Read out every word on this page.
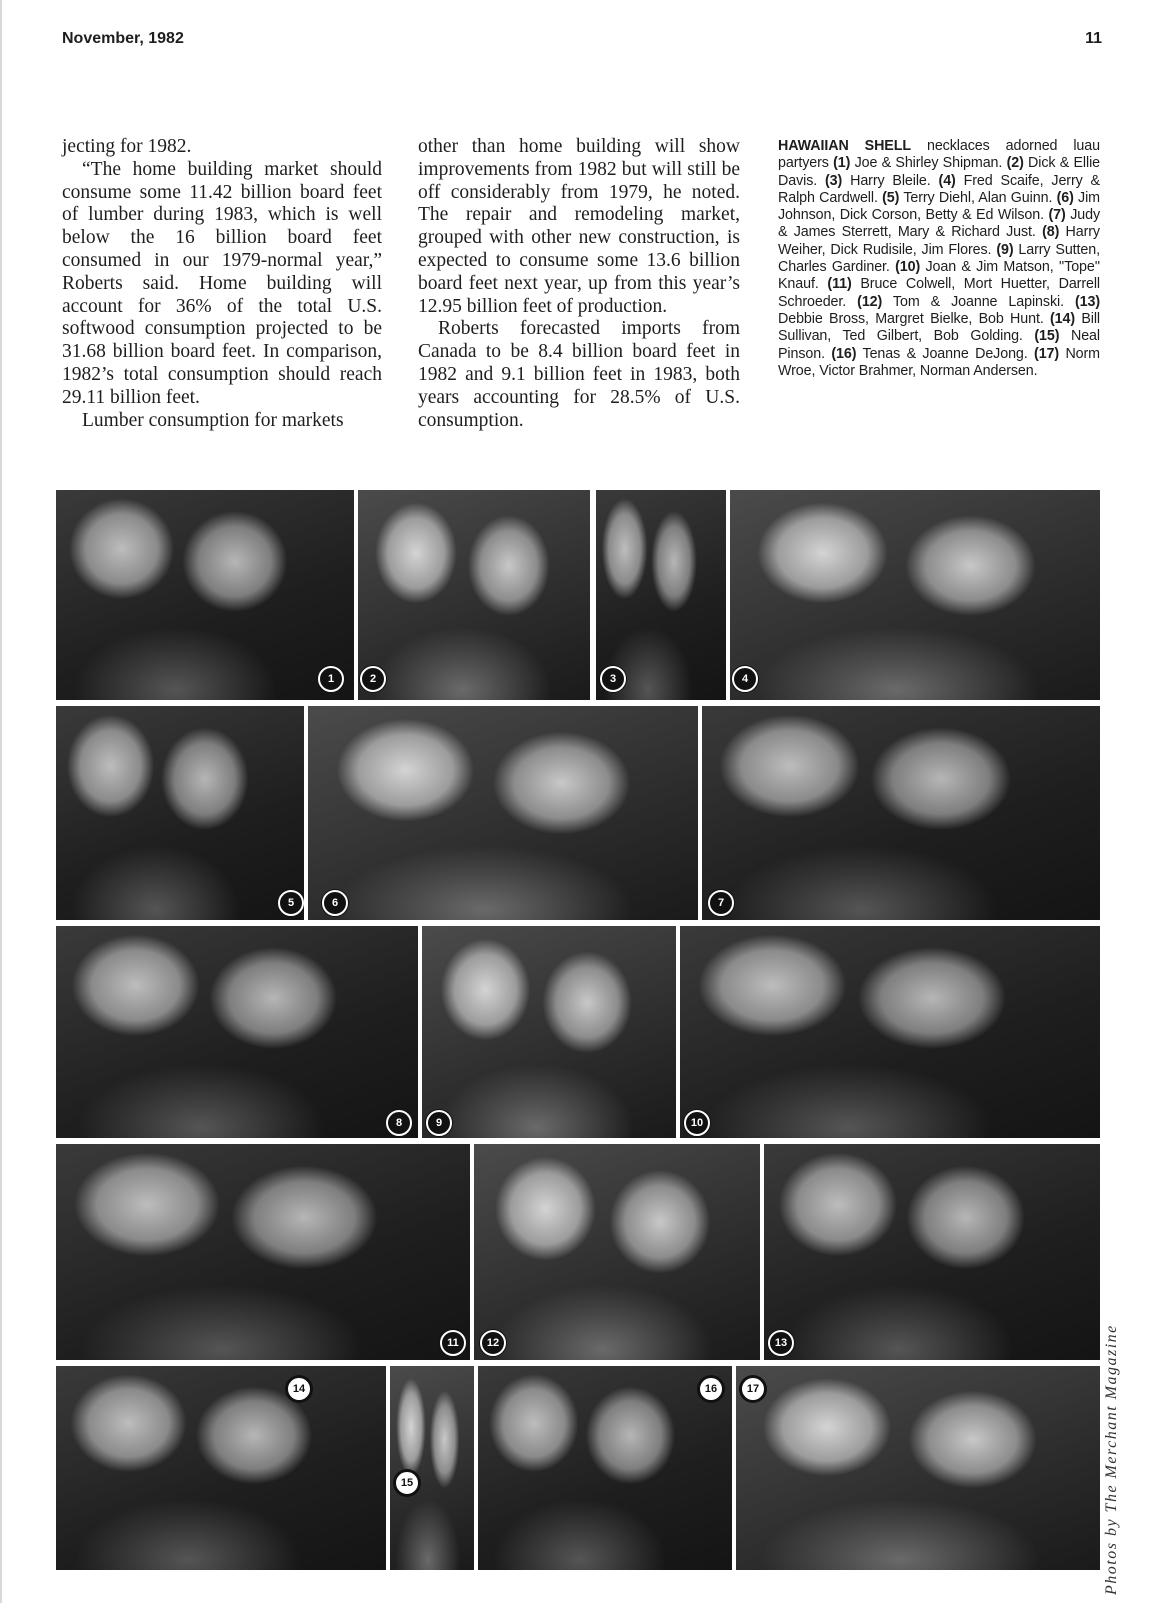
November, 1982	11

jecting for 1982.

“The home building market should consume some 11.42 billion board feet of lumber during 1983, which is well below the 16 billion board feet consumed in our 1979-normal year,” Roberts said. Home building will account for 36% of the total U.S. softwood consumption projected to be 31.68 billion board feet. In comparison, 1982’s total consumption should reach 29.11 billion feet.

Lumber consumption for markets

other than home building will show improvements from 1982 but will still be off considerably from 1979, he noted. The repair and remodeling market, grouped with other new construction, is expected to consume some 13.6 billion board feet next year, up from this year’s 12.95 billion feet of production.

Roberts forecasted imports from Canada to be 8.4 billion board feet in 1982 and 9.1 billion feet in 1983, both years accounting for 28.5% of U.S. consumption.

HAWAIIAN SHELL necklaces adorned luau partyers (1) Joe & Shirley Shipman. (2) Dick & Ellie Davis. (3) Harry Bleile. (4) Fred Scaife, Jerry & Ralph Cardwell. (5) Terry Diehl, Alan Guinn. (6) Jim Johnson, Dick Corson, Betty & Ed Wilson. (7) Judy & James Sterrett, Mary & Richard Just. (8) Harry Weiher, Dick Rudisile, Jim Flores. (9) Larry Sutten, Charles Gardiner. (10) Joan & Jim Matson, ''Tope'' Knauf. (11) Bruce Colwell, Mort Huetter, Darrell Schroeder. (12) Tom & Joanne Lapinski. (13) Debbie Bross, Margret Bielke, Bob Hunt. (14) Bill Sullivan, Ted Gilbert, Bob Golding. (15) Neal Pinson. (16) Tenas & Joanne DeJong. (17) Norm Wroe, Victor Brahmer, Norman Andersen.
1	2	3	4
5	6	7
8	9	10
11	12	13
14
15
16	17	Photos by The Merchant Magazine
